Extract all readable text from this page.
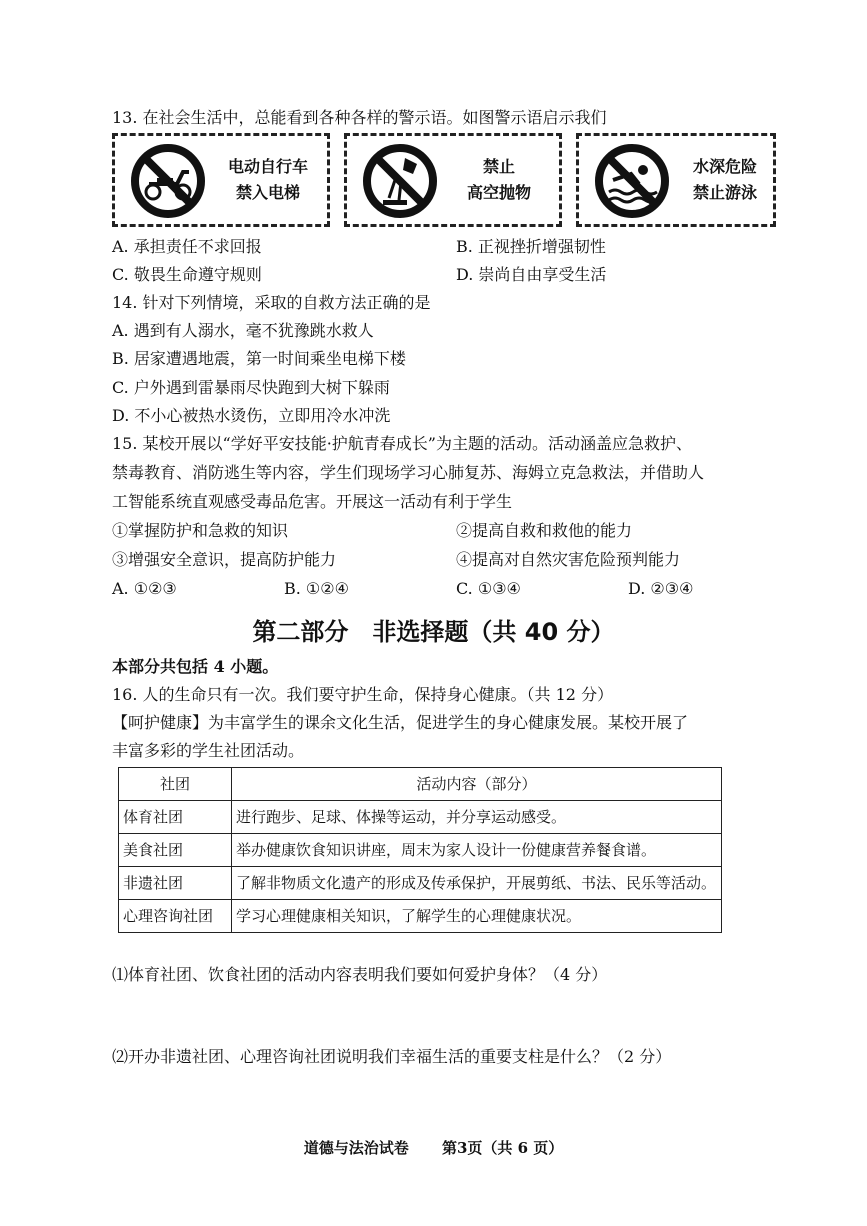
13. 在社会生活中，总能看到各种各样的警示语。如图警示语启示我们
电动自行车
禁入电梯
禁止
高空抛物
水深危险
禁止游泳
A. 承担责任不求回报	B. 正视挫折增强韧性
C. 敬畏生命遵守规则	D. 崇尚自由享受生活
14. 针对下列情境，采取的自救方法正确的是
A. 遇到有人溺水，毫不犹豫跳水救人
B. 居家遭遇地震，第一时间乘坐电梯下楼
C. 户外遇到雷暴雨尽快跑到大树下躲雨
D. 不小心被热水烫伤，立即用冷水冲洗
15. 某校开展以“学好平安技能·护航青春成长”为主题的活动。活动涵盖应急救护、
禁毒教育、消防逃生等内容，学生们现场学习心肺复苏、海姆立克急救法，并借助人
工智能系统直观感受毒品危害。开展这一活动有利于学生
①掌握防护和急救的知识	②提高自救和救他的能力
③增强安全意识，提高防护能力	④提高对自然灾害危险预判能力
A. ①②③	B. ①②④	C. ①③④	D. ②③④
第二部分　非选择题（共 40 分）
本部分共包括 4 小题。
16. 人的生命只有一次。我们要守护生命，保持身心健康。（共 12 分）
【呵护健康】为丰富学生的课余文化生活，促进学生的身心健康发展。某校开展了
丰富多彩的学生社团活动。
社团	活动内容（部分）
体育社团	进行跑步、足球、体操等运动，并分享运动感受。
美食社团	举办健康饮食知识讲座，周末为家人设计一份健康营养餐食谱。
非遗社团	了解非物质文化遗产的形成及传承保护，开展剪纸、书法、民乐等活动。
心理咨询社团	学习心理健康相关知识，了解学生的心理健康状况。
⑴体育社团、饮食社团的活动内容表明我们要如何爱护身体？（4 分）
⑵开办非遗社团、心理咨询社团说明我们幸福生活的重要支柱是什么？（2 分）
道德与法治试卷 第3页（共 6 页）
